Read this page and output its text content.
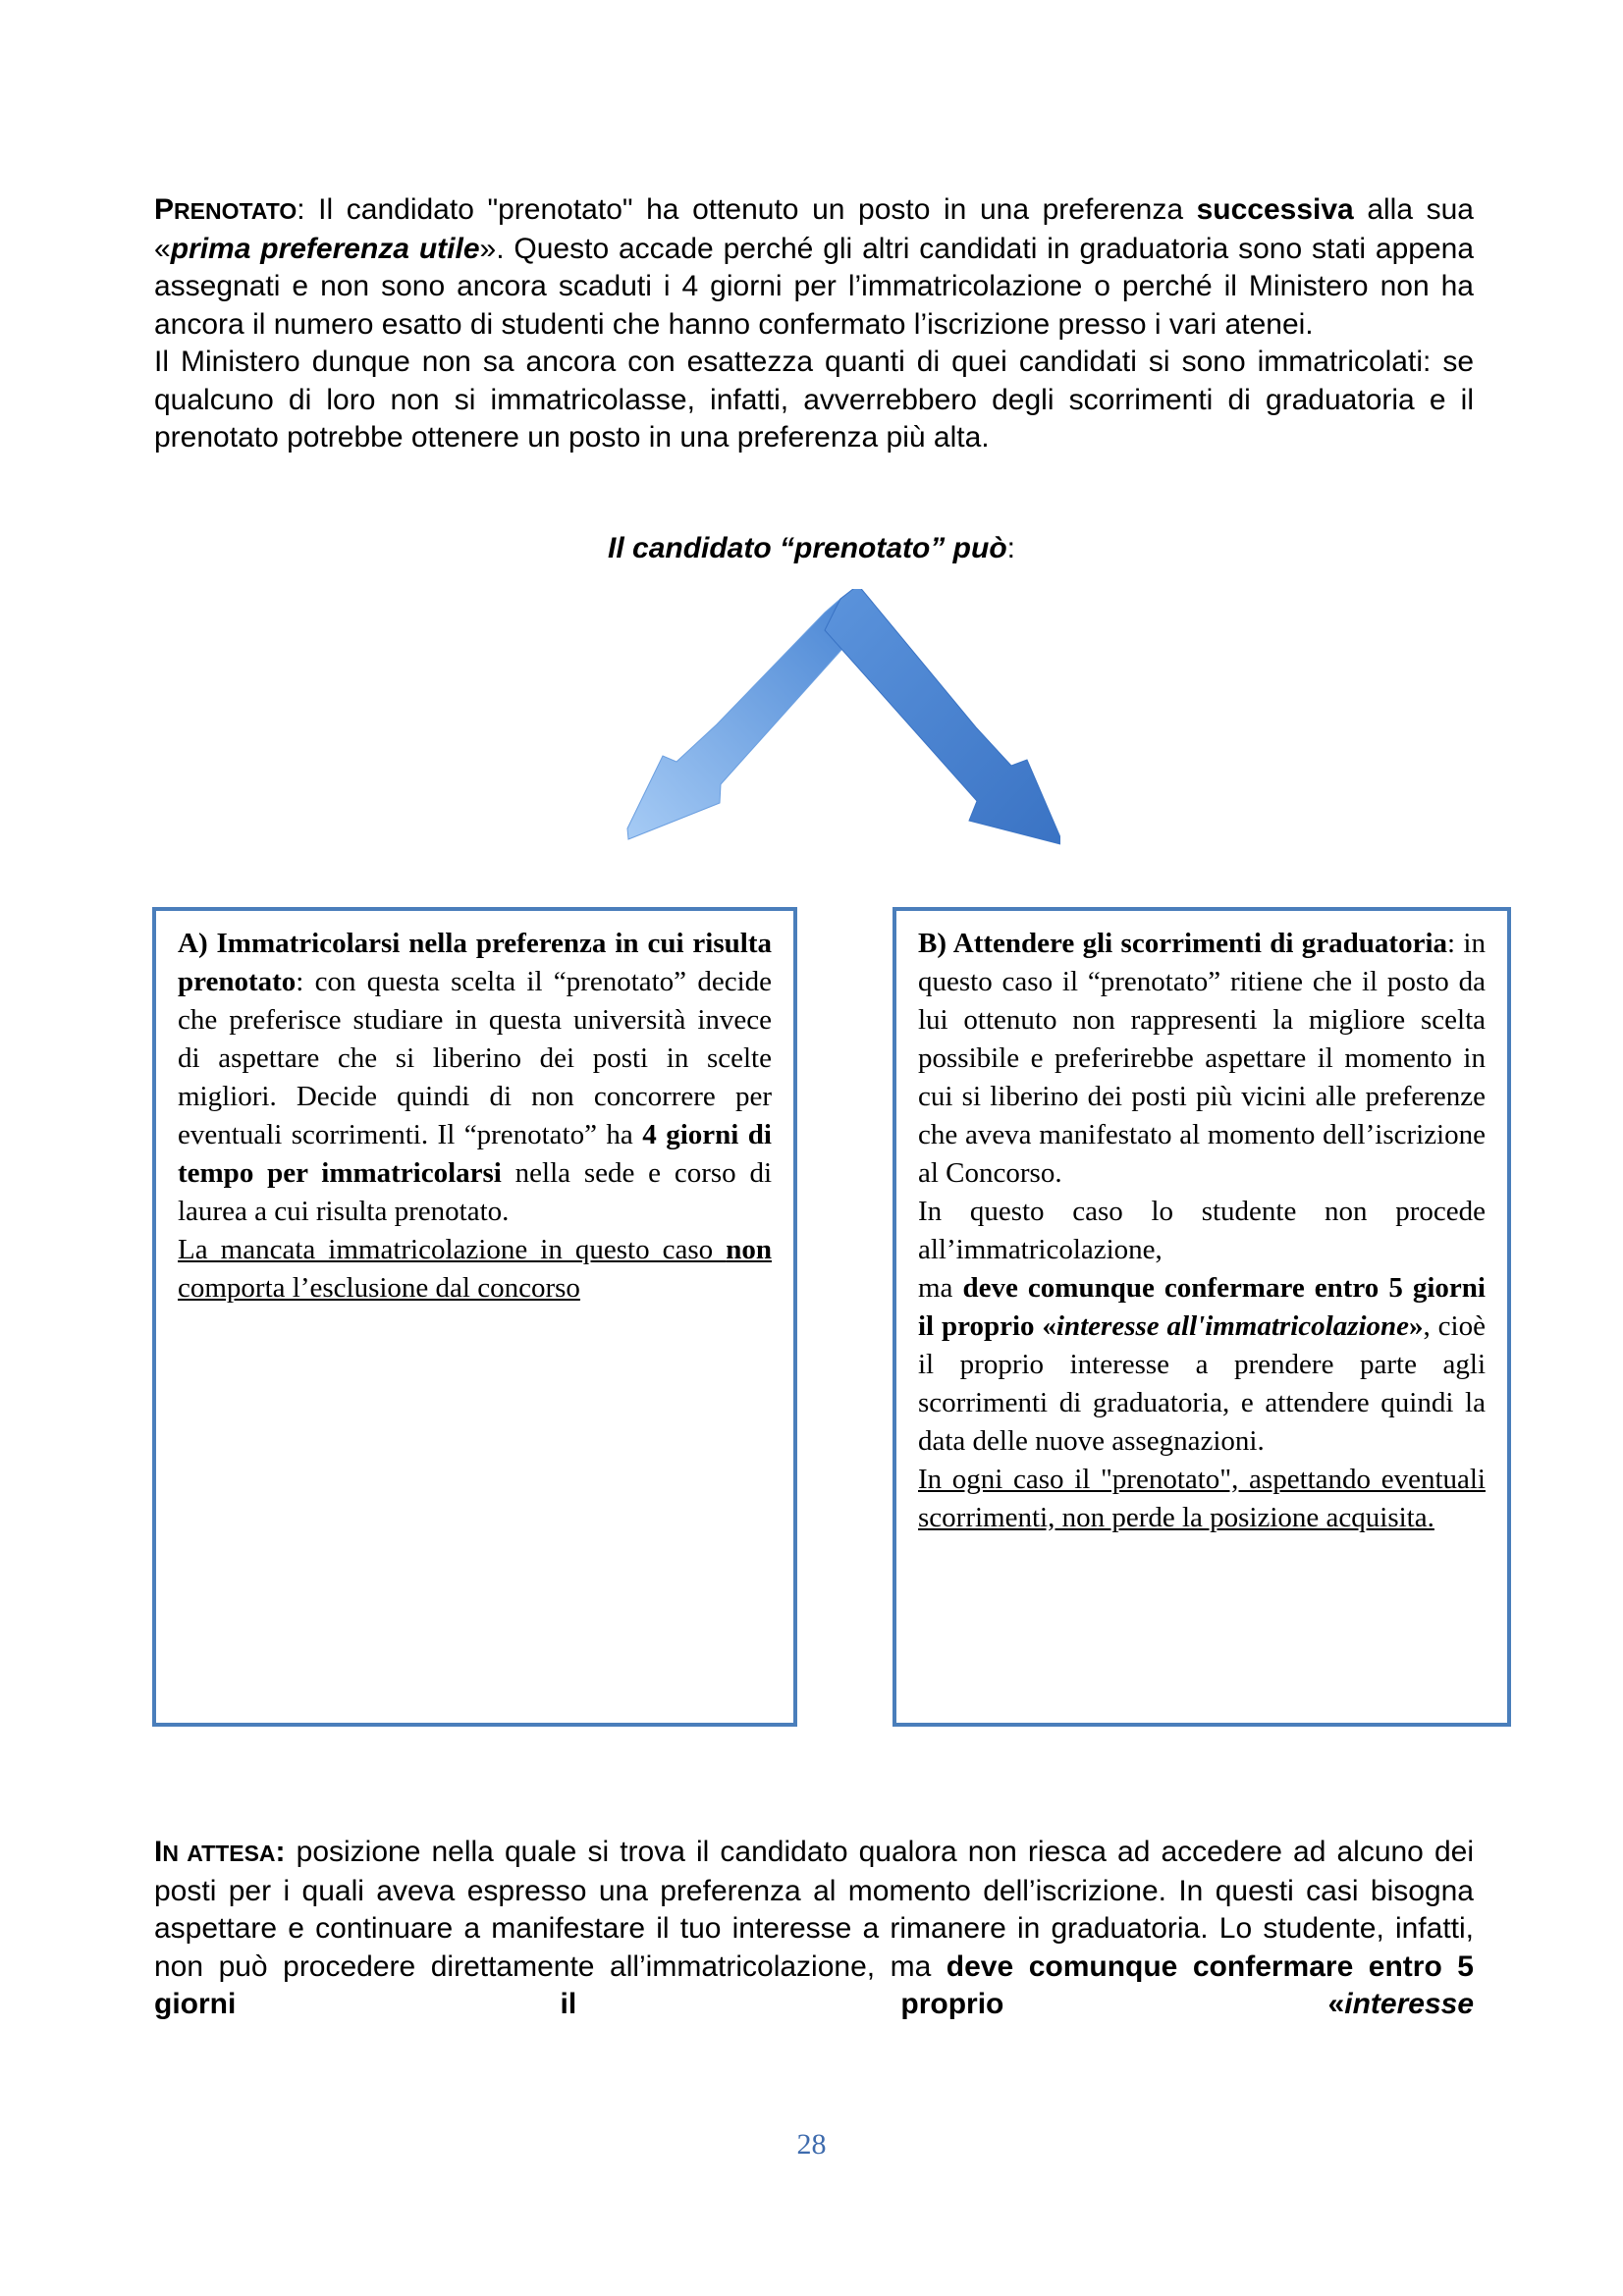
PRENOTATO: Il candidato "prenotato" ha ottenuto un posto in una preferenza successiva alla sua «prima preferenza utile». Questo accade perché gli altri candidati in graduatoria sono stati appena assegnati e non sono ancora scaduti i 4 giorni per l’immatricolazione o perché il Ministero non ha ancora il numero esatto di studenti che hanno confermato l’iscrizione presso i vari atenei.
Il Ministero dunque non sa ancora con esattezza quanti di quei candidati si sono immatricolati: se qualcuno di loro non si immatricolasse, infatti, avverrebbero degli scorrimenti di graduatoria e il prenotato potrebbe ottenere un posto in una preferenza più alta.
Il candidato “prenotato” può:
A) Immatricolarsi nella preferenza in cui risulta prenotato: con questa scelta il “prenotato” decide che preferisce studiare in questa università invece di aspettare che si liberino dei posti in scelte migliori. Decide quindi di non concorrere per eventuali scorrimenti. Il “prenotato” ha 4 giorni di tempo per immatricolarsi nella sede e corso di laurea a cui risulta prenotato.
La mancata immatricolazione in questo caso non comporta l’esclusione dal concorso
B) Attendere gli scorrimenti di graduatoria: in questo caso il “prenotato” ritiene che il posto da lui ottenuto non rappresenti la migliore scelta possibile e preferirebbe aspettare il momento in cui si liberino dei posti più vicini alle preferenze che aveva manifestato al momento dell’iscrizione al Concorso.
In questo caso lo studente non procede all’immatricolazione,
ma deve comunque confermare entro 5 giorni il proprio «interesse all'immatricolazione», cioè il proprio interesse a prendere parte agli scorrimenti di graduatoria, e attendere quindi la data delle nuove assegnazioni.
In ogni caso il "prenotato", aspettando eventuali scorrimenti, non perde la posizione acquisita.
IN ATTESA: posizione nella quale si trova il candidato qualora non riesca ad accedere ad alcuno dei posti per i quali aveva espresso una preferenza al momento dell’iscrizione. In questi casi bisogna aspettare e continuare a manifestare il tuo interesse a rimanere in graduatoria. Lo studente, infatti, non può procedere direttamente all’immatricolazione, ma deve comunque confermare entro 5 giorni il proprio «interesse
28
